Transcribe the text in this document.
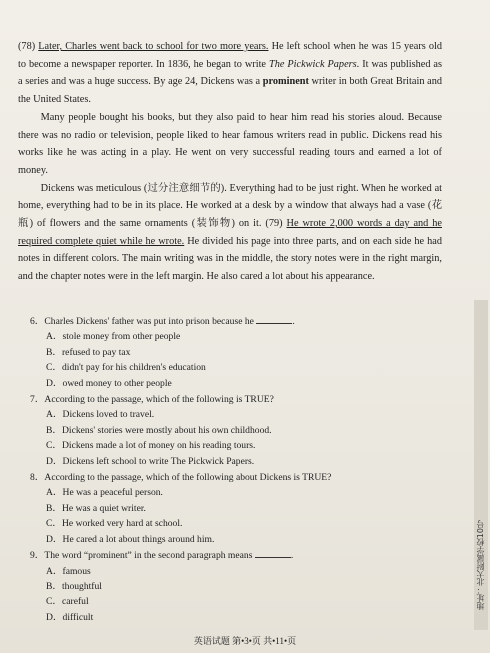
(78) Later, Charles went back to school for two more years. He left school when he was 15 years old to become a newspaper reporter. In 1836, he began to write The Pickwick Papers. It was published as a series and was a huge success. By age 24, Dickens was a prominent writer in both Great Britain and the United States.

Many people bought his books, but they also paid to hear him read his stories aloud. Because there was no radio or television, people liked to hear famous writers read in public. Dickens read his works like he was acting in a play. He went on very successful reading tours and earned a lot of money.

Dickens was meticulous (过分注意细节的). Everything had to be just right. When he worked at home, everything had to be in its place. He worked at a desk by a window that always had a vase (花瓶) of flowers and the same ornaments (装饰物) on it. (79) He wrote 2,000 words a day and he required complete quiet while he wrote. He divided his page into three parts, and on each side he had notes in different colors. The main writing was in the middle, the story notes were in the right margin, and the chapter notes were in the left margin. He also cared a lot about his appearance.

6．Charles Dickens' father was put into prison because he	.

A．stole money from other people

B．refused to pay tax

C．didn't pay for his children's education

D．owed money to other people

7．According to the passage, which of the following is TRUE?

A．Dickens loved to travel.

B．Dickens' stories were mostly about his own childhood.

C．Dickens made a lot of money on his reading tours.

D．Dickens left school to write The Pickwick Papers.

8．According to the passage, which of the following about Dickens is TRUE?

A．He was a peaceful person.

B．He was a quiet writer.

C．He worked very hard at school.

D．He cared a lot about things around him.

9．The word “prominent” in the second paragraph means	.

A．famous

B．thoughtful

C．careful

D．difficult

地址：北大附属学校10号
英语试题 第•3•页 共•11•页
